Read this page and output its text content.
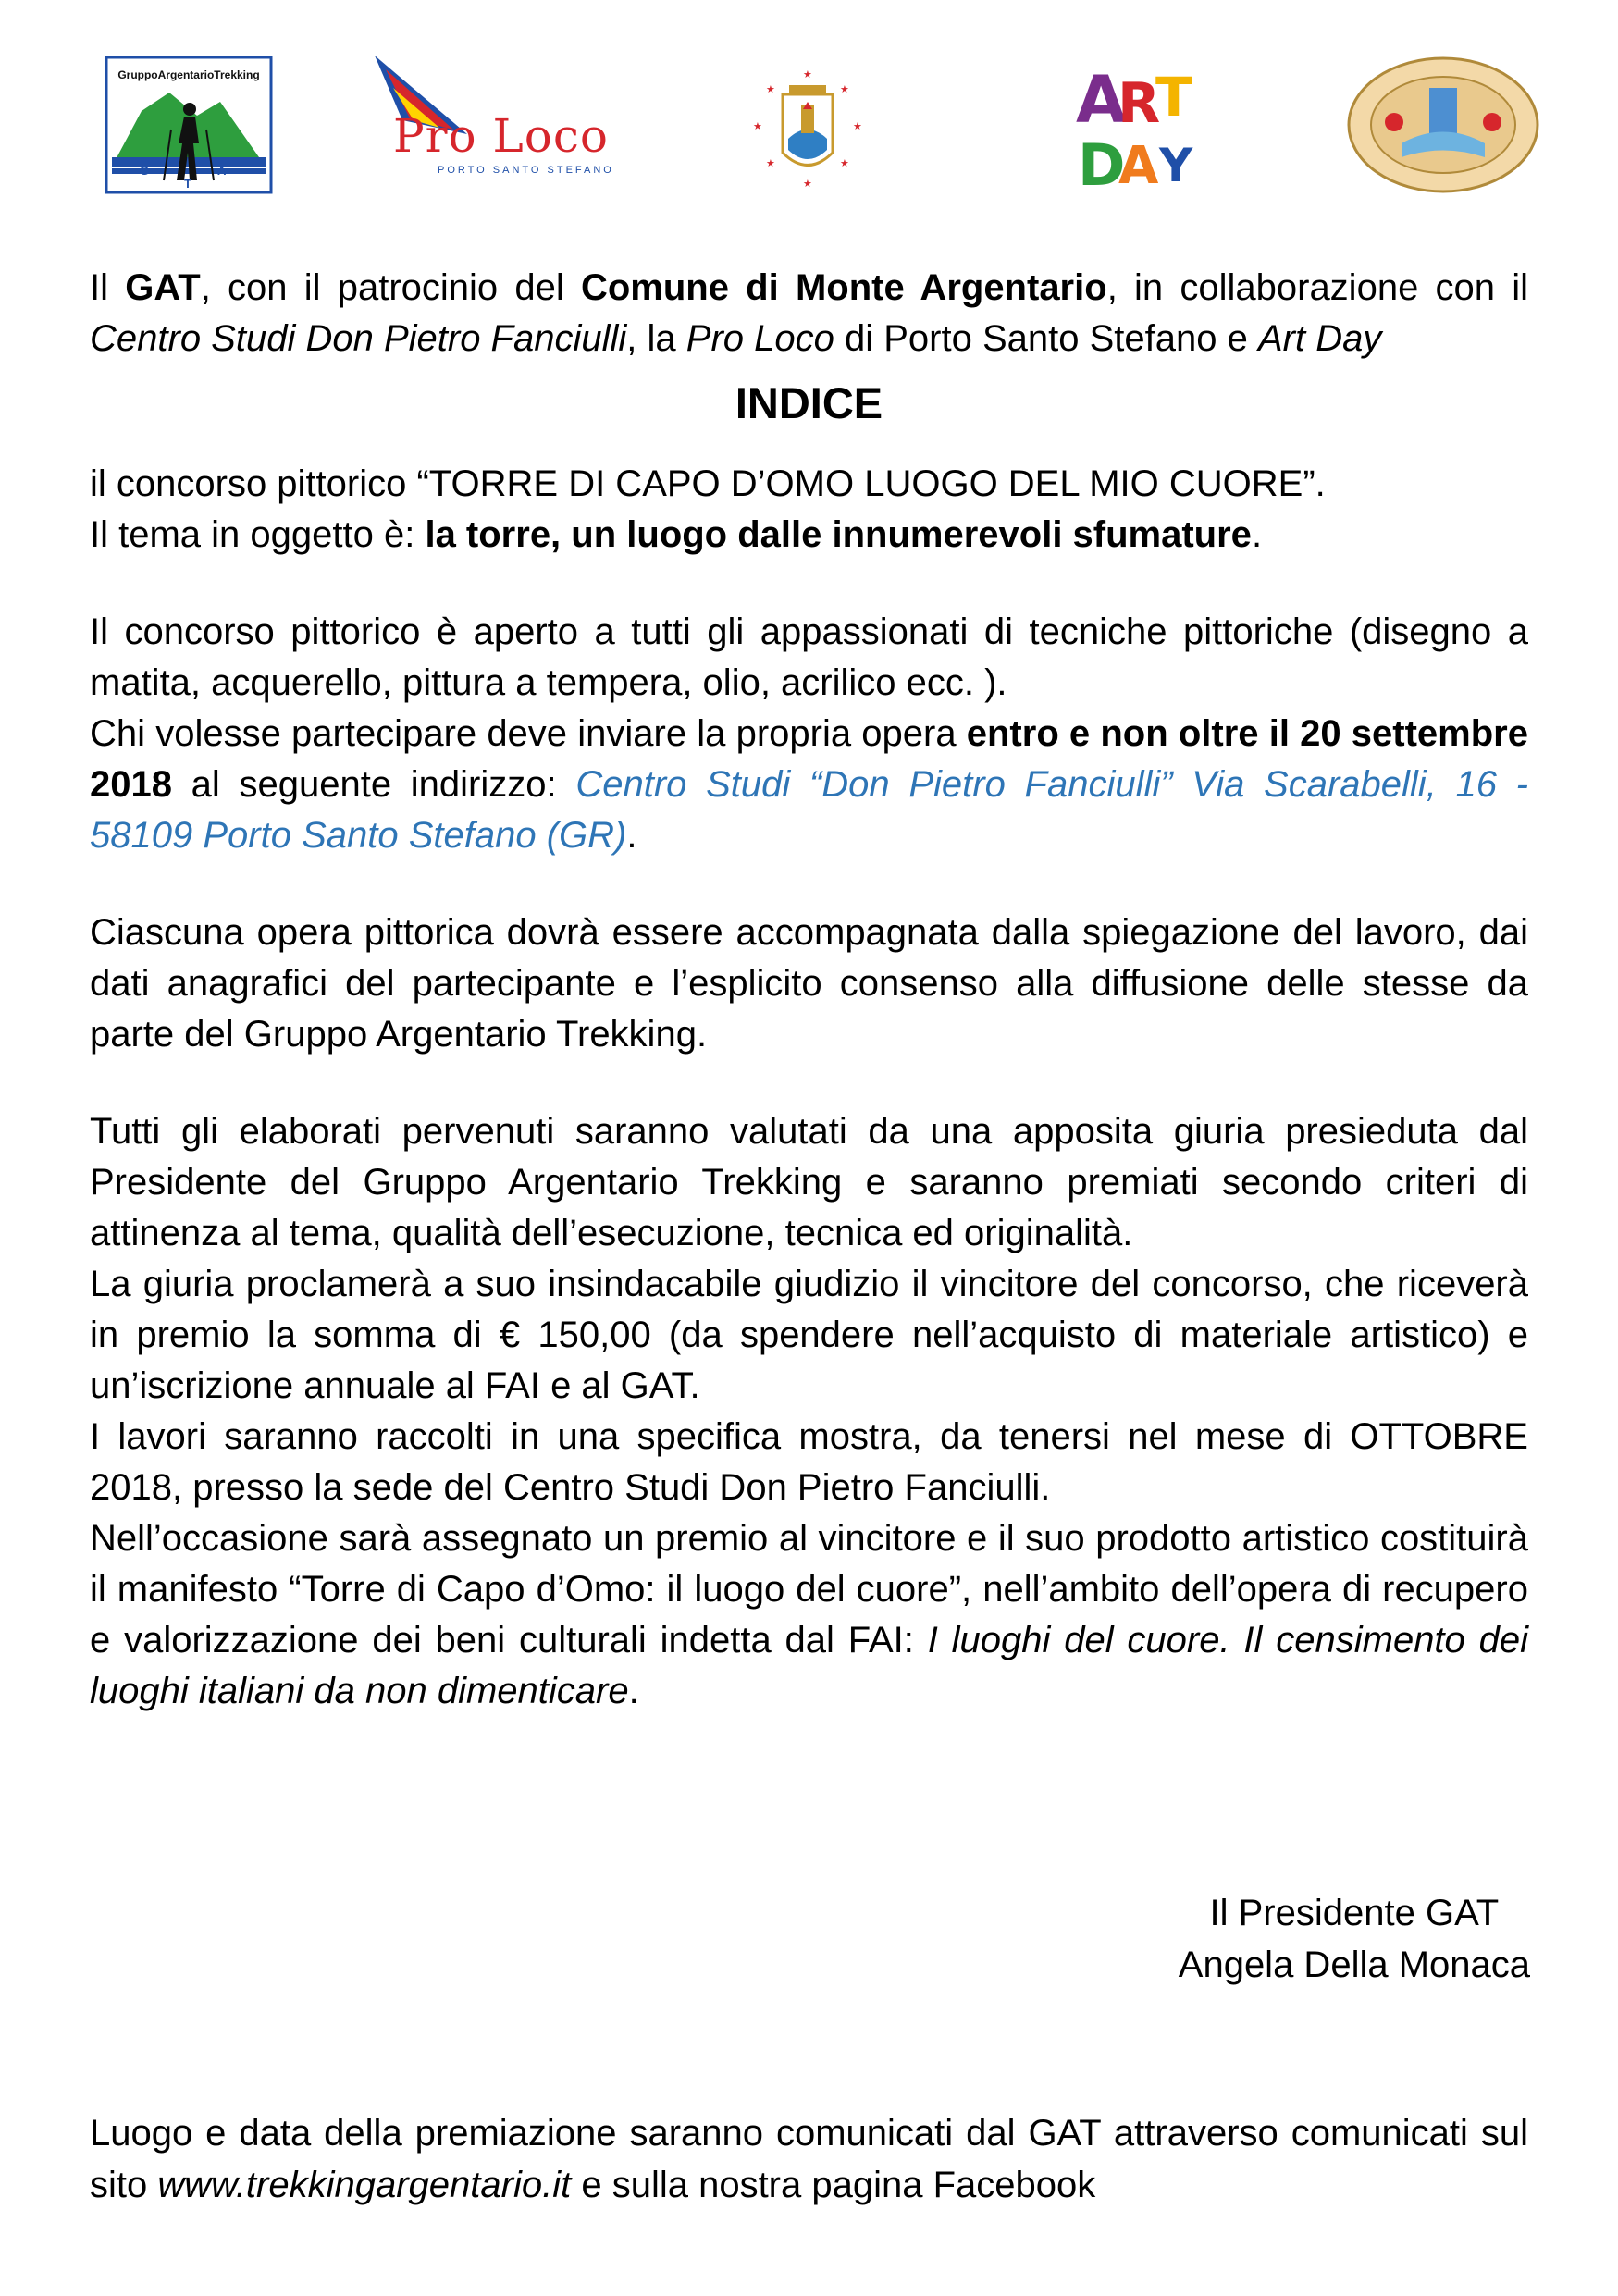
GruppoArgentarioTrekking
G	A
T
Pro Loco
PORTO SANTO STEFANO
★
★	★
★	★
★	★
★
A
R
T
D
A Y

Il GAT, con il patrocinio del Comune di Monte Argentario, in collaborazione con il Centro Studi Don Pietro Fanciulli, la Pro Loco di Porto Santo Stefano e Art Day

INDICE

il concorso pittorico “TORRE DI CAPO D’OMO LUOGO DEL MIO CUORE”.

Il tema in oggetto è: la torre, un luogo dalle innumerevoli sfumature.

Il concorso pittorico è aperto a tutti gli appassionati di tecniche pittoriche (disegno a matita, acquerello, pittura a tempera, olio, acrilico ecc. ).

Chi volesse partecipare deve inviare la propria opera entro e non oltre il 20 settembre 2018 al seguente indirizzo: Centro Studi “Don Pietro Fanciulli” Via Scarabelli, 16 - 58109 Porto Santo Stefano (GR).

Ciascuna opera pittorica dovrà essere accompagnata dalla spiegazione del lavoro, dai dati anagrafici del partecipante e l’esplicito consenso alla diffusione delle stesse da parte del Gruppo Argentario Trekking.

Tutti gli elaborati pervenuti saranno valutati da una apposita giuria presieduta dal Presidente del Gruppo Argentario Trekking e saranno premiati secondo criteri di attinenza al tema, qualità dell’esecuzione, tecnica ed originalità.

La giuria proclamerà a suo insindacabile giudizio il vincitore del concorso, che riceverà in premio la somma di € 150,00 (da spendere nell’acquisto di materiale artistico) e un’iscrizione annuale al FAI e al GAT.

I lavori saranno raccolti in una specifica mostra, da tenersi nel mese di OTTOBRE 2018, presso la sede del Centro Studi Don Pietro Fanciulli.

Nell’occasione sarà assegnato un premio al vincitore e il suo prodotto artistico costituirà il manifesto “Torre di Capo d’Omo: il luogo del cuore”, nell’ambito dell’opera di recupero e valorizzazione dei beni culturali indetta dal FAI: I luoghi del cuore. Il censimento dei luoghi italiani da non dimenticare.

Il Presidente GAT
Angela Della Monaca

Luogo e data della premiazione saranno comunicati dal GAT attraverso comunicati sul sito www.trekkingargentario.it e sulla nostra pagina Facebook
